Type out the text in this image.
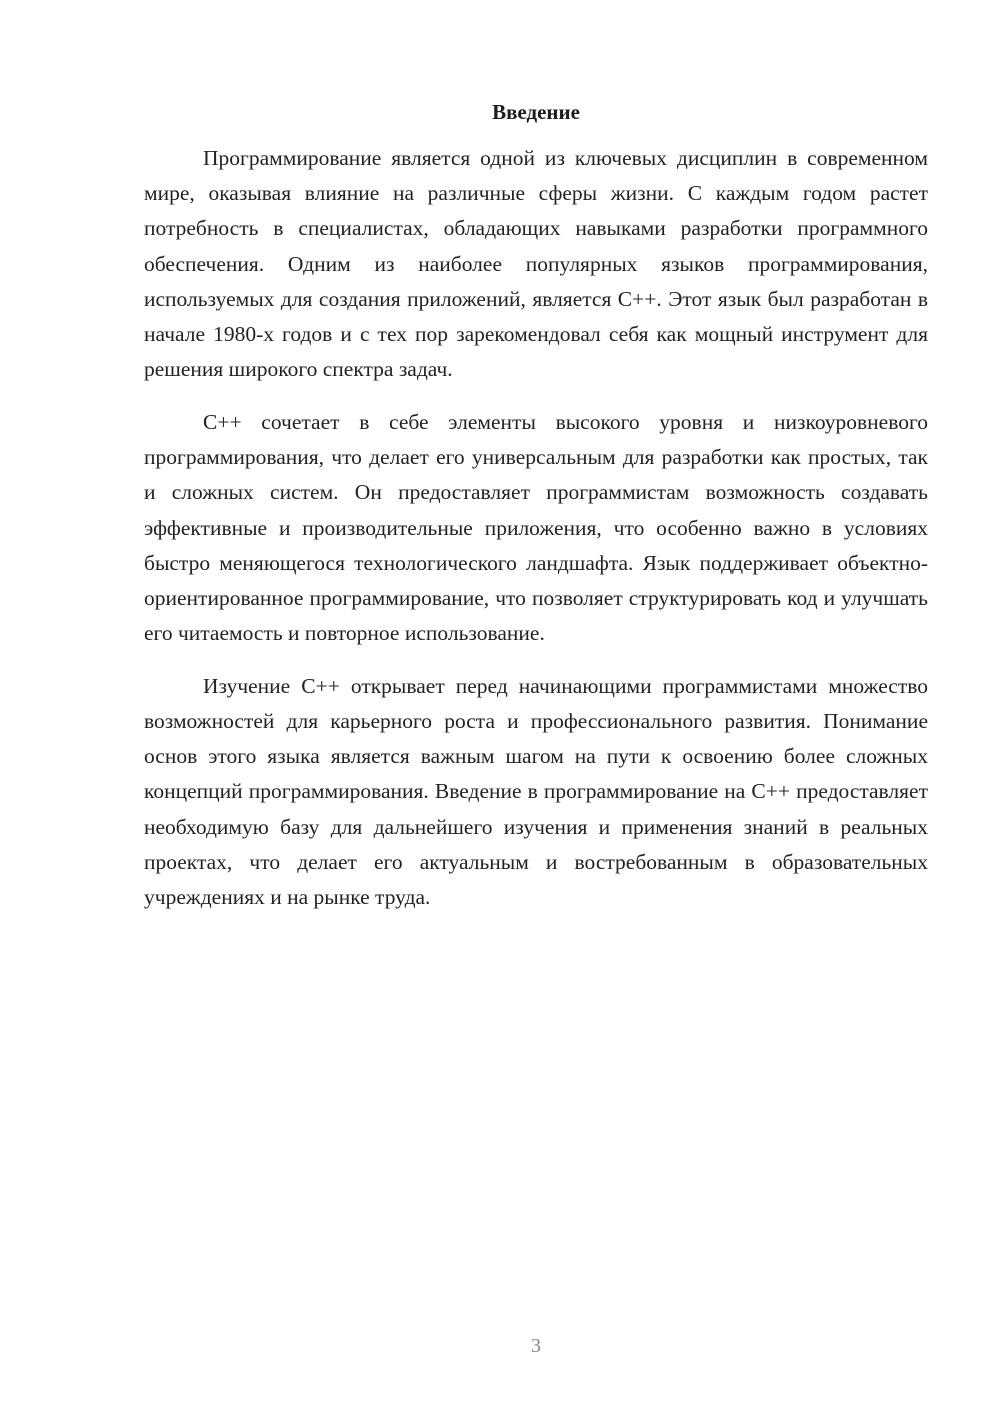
Введение

Программирование является одной из ключевых дисциплин в современном мире, оказывая влияние на различные сферы жизни. С каждым годом растет потребность в специалистах, обладающих навыками разработки программного обеспечения. Одним из наиболее популярных языков программирования, используемых для создания приложений, является C++. Этот язык был разработан в начале 1980-х годов и с тех пор зарекомендовал себя как мощный инструмент для решения широкого спектра задач.

C++ сочетает в себе элементы высокого уровня и низкоуровневого программирования, что делает его универсальным для разработки как простых, так и сложных систем. Он предоставляет программистам возможность создавать эффективные и производительные приложения, что особенно важно в условиях быстро меняющегося технологического ландшафта. Язык поддерживает объектно-ориентированное программирование, что позволяет структурировать код и улучшать его читаемость и повторное использование.

Изучение C++ открывает перед начинающими программистами множество возможностей для карьерного роста и профессионального развития. Понимание основ этого языка является важным шагом на пути к освоению более сложных концепций программирования. Введение в программирование на C++ предоставляет необходимую базу для дальнейшего изучения и применения знаний в реальных проектах, что делает его актуальным и востребованным в образовательных учреждениях и на рынке труда.

3
